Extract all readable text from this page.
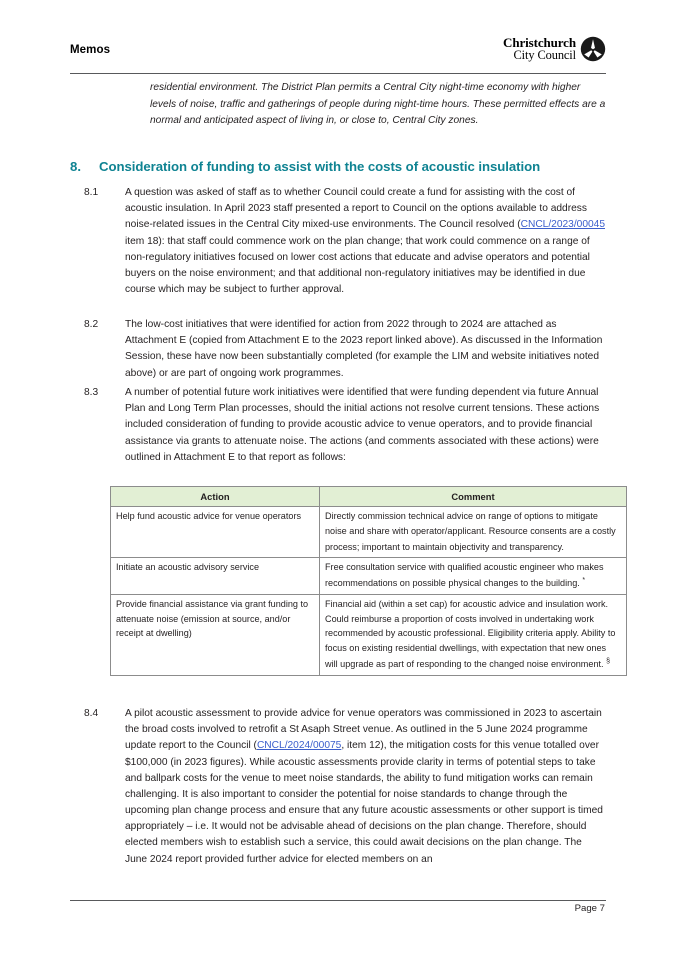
Memos	Christchurch
City Council
residential environment. The District Plan permits a Central City night-time economy with higher levels of noise, traffic and gatherings of people during night-time hours. These permitted effects are a normal and anticipated aspect of living in, or close to, Central City zones.
8.	Consideration of funding to assist with the costs of acoustic insulation
8.1	A question was asked of staff as to whether Council could create a fund for assisting with the cost of acoustic insulation. In April 2023 staff presented a report to Council on the options available to address noise-related issues in the Central City mixed-use environments. The Council resolved (CNCL/2023/00045 item 18): that staff could commence work on the plan change; that work could commence on a range of non-regulatory initiatives focused on lower cost actions that educate and advise operators and potential buyers on the noise environment; and that additional non-regulatory initiatives may be identified in due course which may be subject to further approval.
8.2	The low-cost initiatives that were identified for action from 2022 through to 2024 are attached as Attachment E (copied from Attachment E to the 2023 report linked above). As discussed in the Information Session, these have now been substantially completed (for example the LIM and website initiatives noted above) or are part of ongoing work programmes.
8.3	A number of potential future work initiatives were identified that were funding dependent via future Annual Plan and Long Term Plan processes, should the initial actions not resolve current tensions. These actions included consideration of funding to provide acoustic advice to venue operators, and to provide financial assistance via grants to attenuate noise. The actions (and comments associated with these actions) were outlined in Attachment E to that report as follows:
Action	Comment
Help fund acoustic advice for venue operators	Directly commission technical advice on range of options to mitigate noise and share with operator/applicant. Resource consents are a costly process; important to maintain objectivity and transparency.
Initiate an acoustic advisory service	Free consultation service with qualified acoustic engineer who makes recommendations on possible physical changes to the building. *
Provide financial assistance via grant funding to attenuate noise (emission at source, and/or receipt at dwelling)	Financial aid (within a set cap) for acoustic advice and insulation work. Could reimburse a proportion of costs involved in undertaking work recommended by acoustic professional. Eligibility criteria apply. Ability to focus on existing residential dwellings, with expectation that new ones will upgrade as part of responding to the changed noise environment. §
8.4	A pilot acoustic assessment to provide advice for venue operators was commissioned in 2023 to ascertain the broad costs involved to retrofit a St Asaph Street venue. As outlined in the 5 June 2024 programme update report to the Council (CNCL/2024/00075, item 12), the mitigation costs for this venue totalled over $100,000 (in 2023 figures). While acoustic assessments provide clarity in terms of potential steps to take and ballpark costs for the venue to meet noise standards, the ability to fund mitigation works can remain challenging. It is also important to consider the potential for noise standards to change through the upcoming plan change process and ensure that any future acoustic assessments or other support is timed appropriately – i.e. It would not be advisable ahead of decisions on the plan change. Therefore, should elected members wish to establish such a service, this could await decisions on the plan change. The June 2024 report provided further advice for elected members on an
Page 7
